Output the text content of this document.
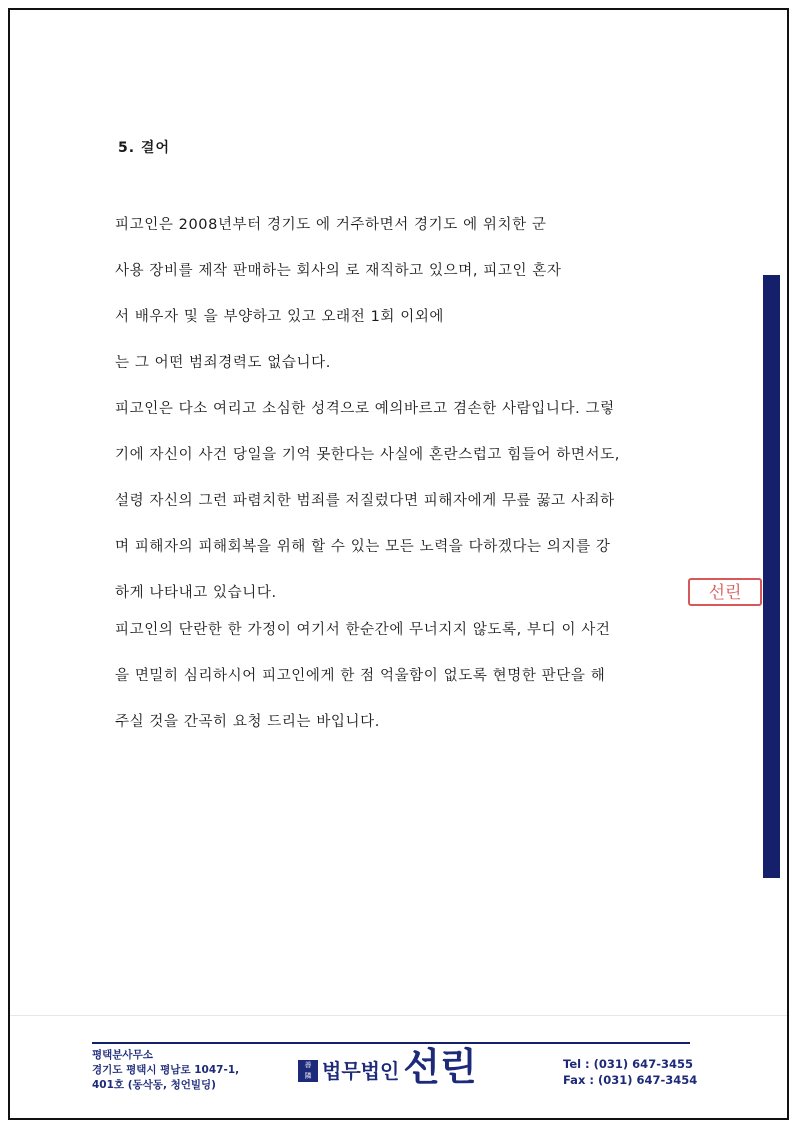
5. 결어
피고인은 2008년부터 경기도 에 거주하면서 경기도 에 위치한 군
사용 장비를 제작 판매하는 회사의 로 재직하고 있으며, 피고인 혼자
서 배우자 및 을 부양하고 있고 오래전 1회 이외에
는 그 어떤 범죄경력도 없습니다.
피고인은 다소 여리고 소심한 성격으로 예의바르고 겸손한 사람입니다. 그렇
기에 자신이 사건 당일을 기억 못한다는 사실에 혼란스럽고 힘들어 하면서도,
설령 자신의 그런 파렴치한 범죄를 저질렀다면 피해자에게 무릎 꿇고 사죄하
며 피해자의 피해회복을 위해 할 수 있는 모든 노력을 다하겠다는 의지를 강
하게 나타내고 있습니다.
피고인의 단란한 한 가정이 여기서 한순간에 무너지지 않도록, 부디 이 사건
을 면밀히 심리하시어 피고인에게 한 점 억울함이 없도록 현명한 판단을 해
주실 것을 간곡히 요청 드리는 바입니다.
선린
평택분사무소
경기도 평택시 평남로 1047-1,
401호 (동삭동, 청언빌딩)
善
隣 법무법인 선린	Tel : (031) 647-3455
Fax : (031) 647-3454
